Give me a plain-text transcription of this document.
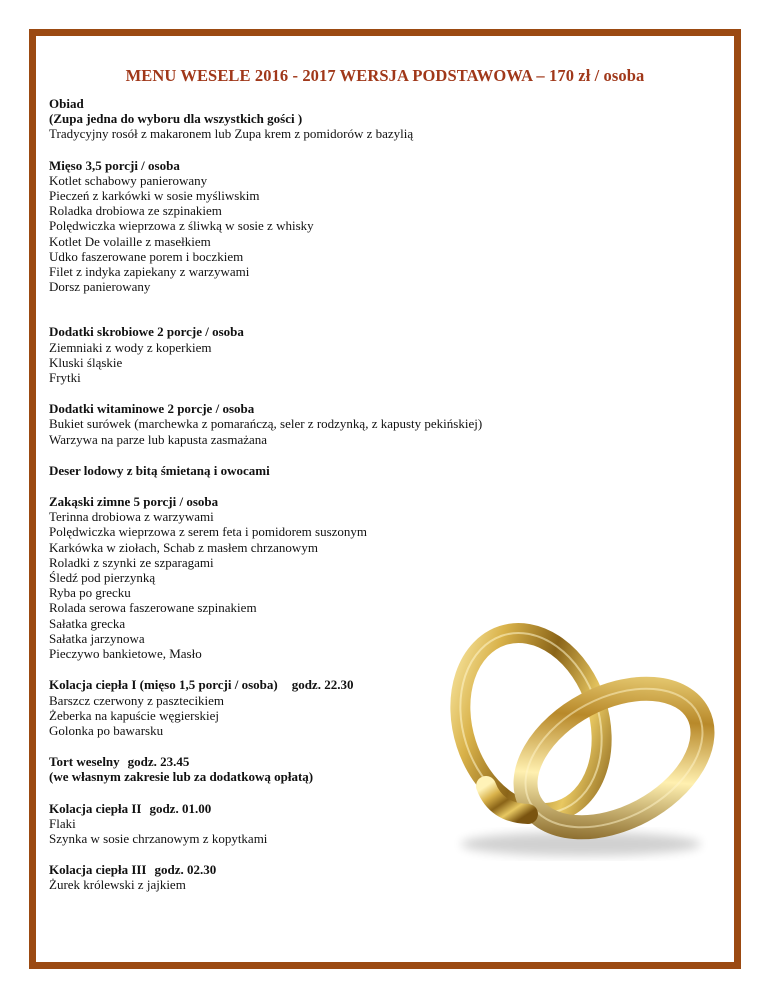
MENU WESELE 2016 - 2017 WERSJA PODSTAWOWA – 170 zł / osoba
Obiad
(Zupa jedna do wyboru dla wszystkich gości )
Tradycyjny rosół z makaronem lub Zupa krem z pomidorów z bazylią
Mięso 3,5 porcji / osoba
Kotlet schabowy panierowany
Pieczeń z karkówki w sosie myśliwskim
Roladka drobiowa ze szpinakiem
Polędwiczka wieprzowa z śliwką w sosie z whisky
Kotlet De volaille z masełkiem
Udko faszerowane porem i boczkiem
Filet z indyka zapiekany z warzywami
Dorsz panierowany
Dodatki skrobiowe 2 porcje / osoba
Ziemniaki z wody z koperkiem
Kluski śląskie
Frytki
Dodatki witaminowe 2 porcje / osoba
Bukiet surówek (marchewka z pomarańczą, seler z rodzynką, z kapusty pekińskiej)
Warzywa na parze lub kapusta zasmażana
Deser lodowy z bitą śmietaną i owocami
Zakąski zimne 5 porcji / osoba
Terinna drobiowa z warzywami
Polędwiczka wieprzowa z serem feta i pomidorem suszonym
Karkówka w ziołach, Schab z masłem chrzanowym
Roladki z szynki ze szparagami
Śledź pod pierzynką
Ryba po grecku
Rolada serowa faszerowane szpinakiem
Sałatka grecka
Sałatka jarzynowa
Pieczywo bankietowe, Masło
Kolacja ciepła I (mięso 1,5 porcji / osoba) godz. 22.30
Barszcz czerwony z pasztecikiem
Żeberka na kapuście węgierskiej
Golonka po bawarsku
Tort weselny godz. 23.45
(we własnym zakresie lub za dodatkową opłatą)
Kolacja ciepła II godz. 01.00
Flaki
Szynka w sosie chrzanowym z kopytkami
Kolacja ciepła III godz. 02.30
Żurek królewski z jajkiem
